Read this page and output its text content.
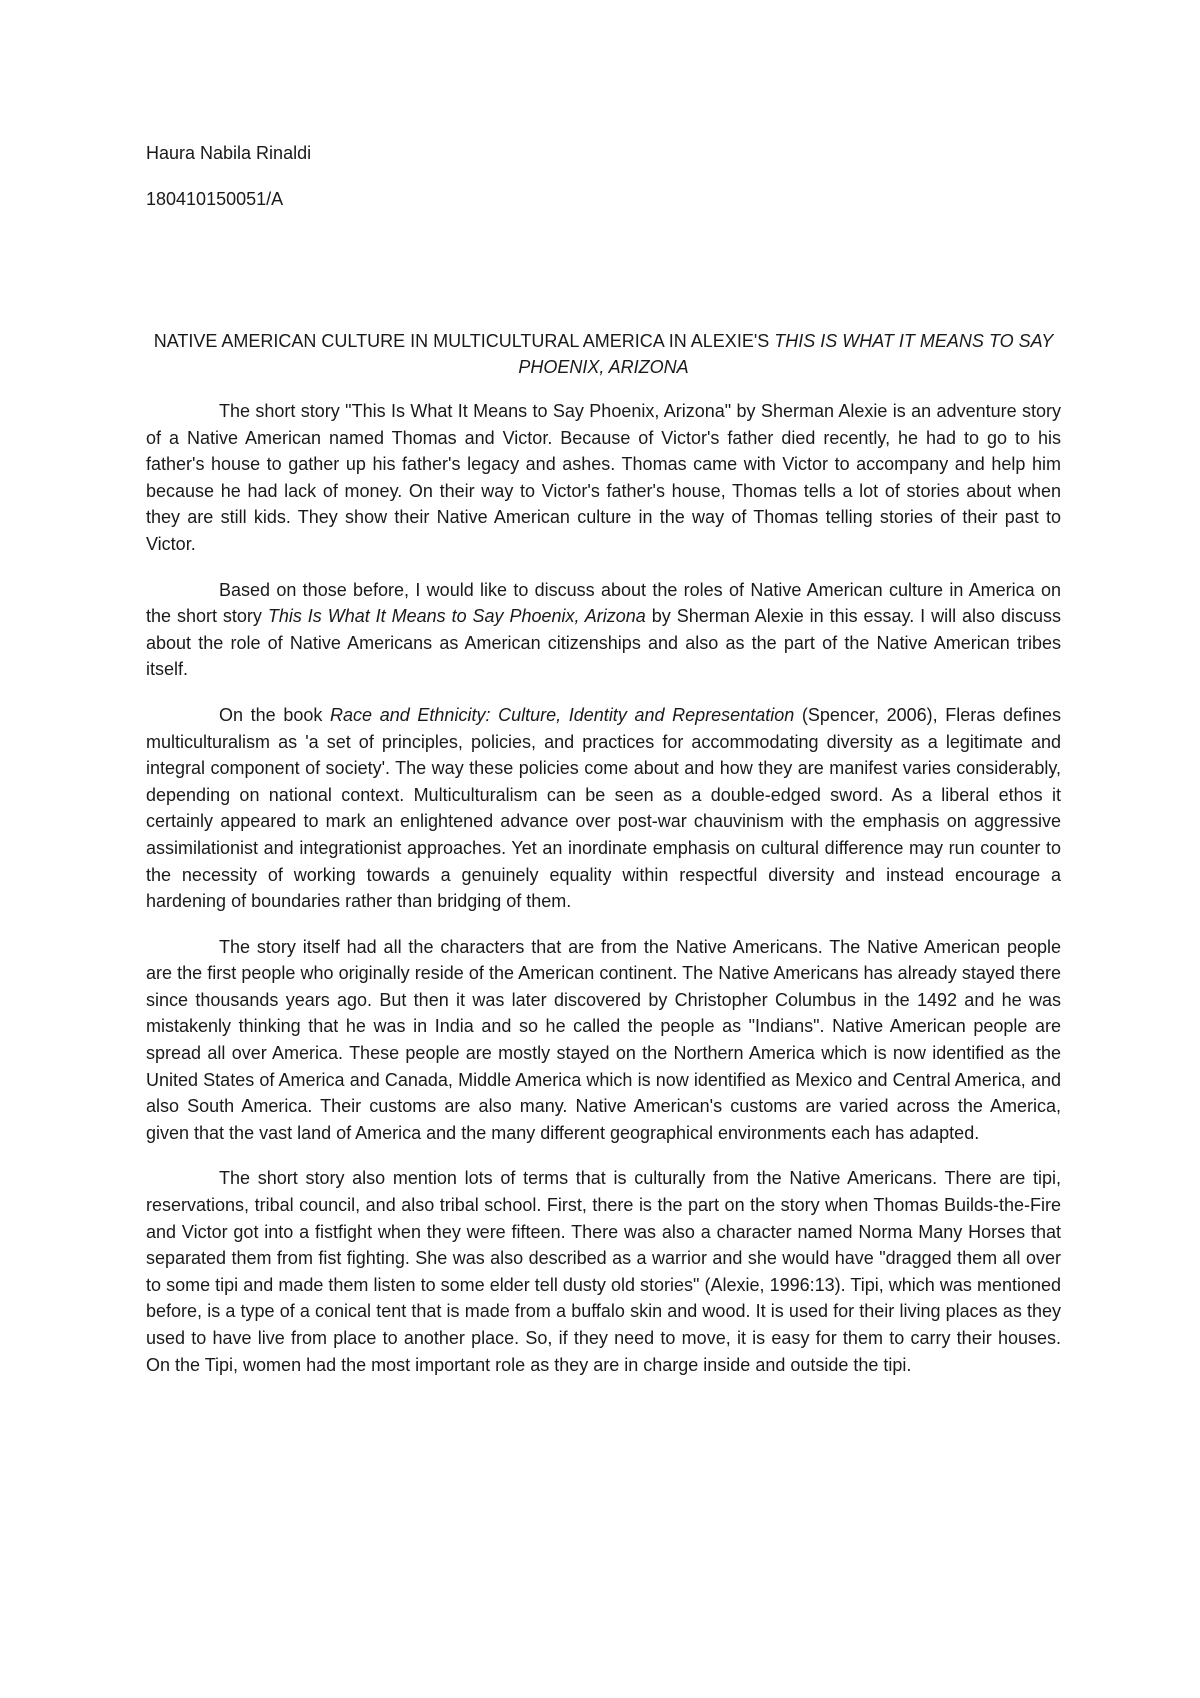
Haura Nabila Rinaldi

180410150051/A

NATIVE AMERICAN CULTURE IN MULTICULTURAL AMERICA IN ALEXIE'S THIS IS WHAT IT MEANS TO SAY PHOENIX, ARIZONA

The short story "This Is What It Means to Say Phoenix, Arizona" by Sherman Alexie is an adventure story of a Native American named Thomas and Victor. Because of Victor's father died recently, he had to go to his father's house to gather up his father's legacy and ashes. Thomas came with Victor to accompany and help him because he had lack of money. On their way to Victor's father's house, Thomas tells a lot of stories about when they are still kids. They show their Native American culture in the way of Thomas telling stories of their past to Victor.

Based on those before, I would like to discuss about the roles of Native American culture in America on the short story This Is What It Means to Say Phoenix, Arizona by Sherman Alexie in this essay. I will also discuss about the role of Native Americans as American citizenships and also as the part of the Native American tribes itself.

On the book Race and Ethnicity: Culture, Identity and Representation (Spencer, 2006), Fleras defines multiculturalism as 'a set of principles, policies, and practices for accommodating diversity as a legitimate and integral component of society'. The way these policies come about and how they are manifest varies considerably, depending on national context. Multiculturalism can be seen as a double-edged sword. As a liberal ethos it certainly appeared to mark an enlightened advance over post-war chauvinism with the emphasis on aggressive assimilationist and integrationist approaches. Yet an inordinate emphasis on cultural difference may run counter to the necessity of working towards a genuinely equality within respectful diversity and instead encourage a hardening of boundaries rather than bridging of them.

The story itself had all the characters that are from the Native Americans. The Native American people are the first people who originally reside of the American continent. The Native Americans has already stayed there since thousands years ago. But then it was later discovered by Christopher Columbus in the 1492 and he was mistakenly thinking that he was in India and so he called the people as "Indians". Native American people are spread all over America. These people are mostly stayed on the Northern America which is now identified as the United States of America and Canada, Middle America which is now identified as Mexico and Central America, and also South America. Their customs are also many. Native American's customs are varied across the America, given that the vast land of America and the many different geographical environments each has adapted.

The short story also mention lots of terms that is culturally from the Native Americans. There are tipi, reservations, tribal council, and also tribal school. First, there is the part on the story when Thomas Builds-the-Fire and Victor got into a fistfight when they were fifteen. There was also a character named Norma Many Horses that separated them from fist fighting. She was also described as a warrior and she would have "dragged them all over to some tipi and made them listen to some elder tell dusty old stories" (Alexie, 1996:13). Tipi, which was mentioned before, is a type of a conical tent that is made from a buffalo skin and wood. It is used for their living places as they used to have live from place to another place. So, if they need to move, it is easy for them to carry their houses. On the Tipi, women had the most important role as they are in charge inside and outside the tipi.
